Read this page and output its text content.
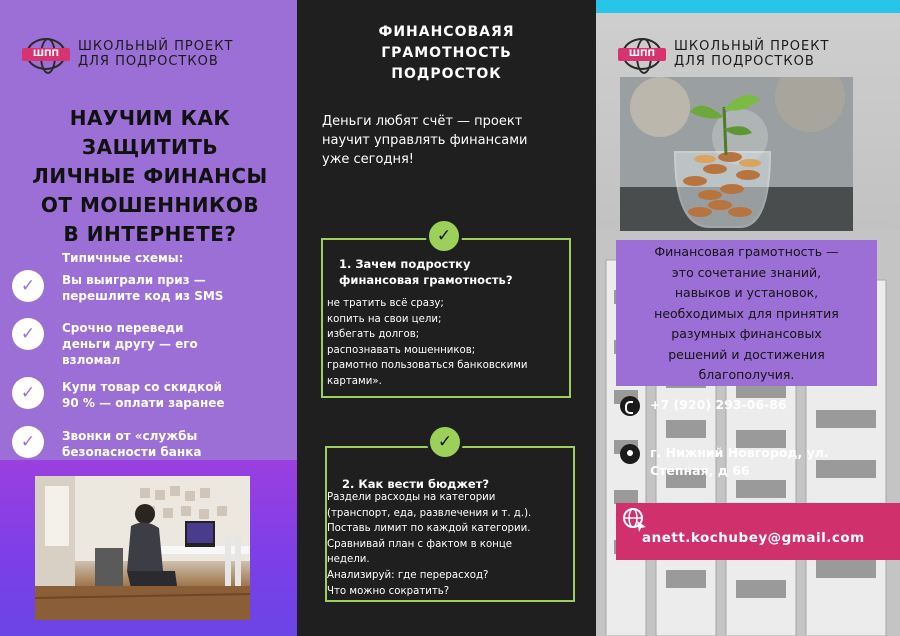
ШПП	ШКОЛЬНЫЙ ПРОЕКТ
ДЛЯ ПОДРОСТКОВ
НАУЧИМ КАК
ЗАЩИТИТЬ
ЛИЧНЫЕ ФИНАНСЫ
ОТ МОШЕННИКОВ
В ИНТЕРНЕТЕ?
Типичные схемы:
✓ Вы выиграли приз —
перешлите код из SMS
✓ Срочно переведи
деньги другу — его
взломал
✓ Купи товар со скидкой
90 % — оплати заранее
✓ Звонки от «службы
безопасности банка
ФИНАНСОВАЯЯ
ГРАМОТНОСТЬ
ПОДРОСТОК
Деньги любят счёт — проект
научит управлять финансами
уже сегодня!
✓
1. Зачем подростку
финансовая грамотность?
не тратить всё сразу;
копить на свои цели;
избегать долгов;
распознавать мошенников;
грамотно пользоваться банковскими
картами».
✓
2. Как вести бюджет?
Раздели расходы на категории
(транспорт, еда, развлечения и т. д.).
Поставь лимит по каждой категории.
Сравнивай план с фактом в конце
недели.
Анализируй: где перерасход?
Что можно сократить?
ШПП	ШКОЛЬНЫЙ ПРОЕКТ
ДЛЯ ПОДРОСТКОВ
Финансовая грамотность —
это сочетание знаний,
навыков и установок,
необходимых для принятия
разумных финансовых
решений и достижения
благополучия.
+7 (920) 293-06-86
г. Нижний Новгород, ул.
Степная, д 66
anett.kochubey@gmail.com
